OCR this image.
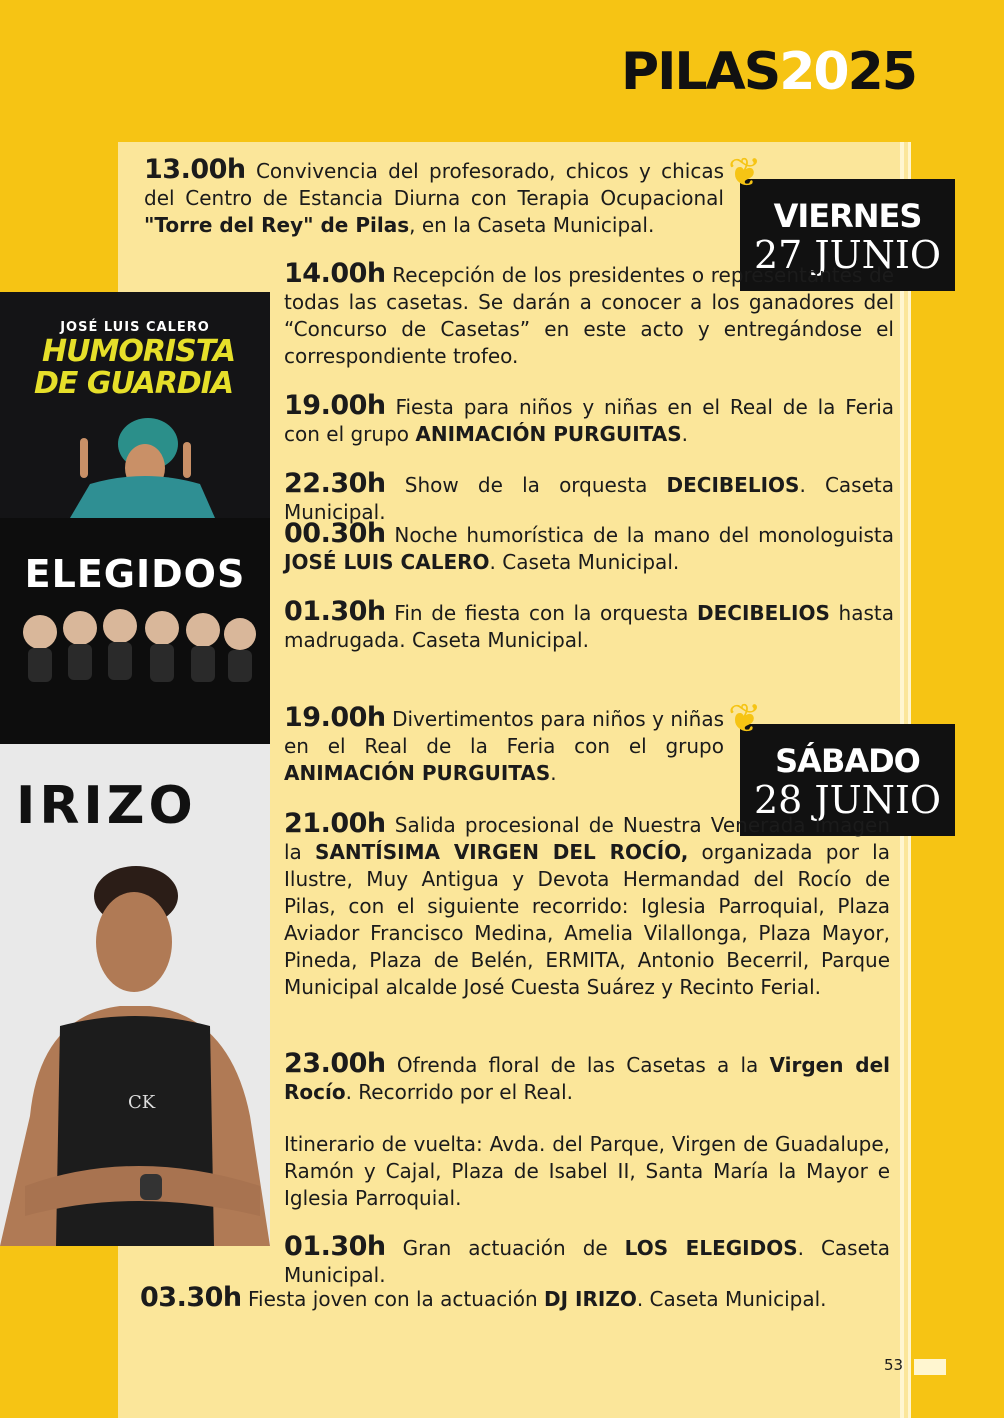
PILAS2025
JOSÉ LUIS CALERO
HUMORISTA
DE GUARDIA
ELEGIDOS
IRIZO
CK
VIERNES
27 JUNIO
❦
SÁBADO
28 JUNIO
❦
13.00h Convivencia del profesorado, chicos y chicas del Centro de Estancia Diurna con Terapia Ocupacional "Torre del Rey" de Pilas, en la Caseta Municipal.
14.00h Recepción de los presidentes o representantes de todas las casetas. Se darán a conocer a los ganadores del “Concurso de Casetas” en este acto y entregándose el correspondiente trofeo.
19.00h Fiesta para niños y niñas en el Real de la Feria con el grupo ANIMACIÓN PURGUITAS.
22.30h Show de la orquesta DECIBELIOS. Caseta Municipal.
00.30h Noche humorística de la mano del monologuista JOSÉ LUIS CALERO. Caseta Municipal.
01.30h Fin de fiesta con la orquesta DECIBELIOS hasta madrugada. Caseta Municipal.
19.00h Divertimentos para niños y niñas en el Real de la Feria con el grupo ANIMACIÓN PURGUITAS.
21.00h Salida procesional de Nuestra Venerada Imagen la SANTÍSIMA VIRGEN DEL ROCÍO, organizada por la Ilustre, Muy Antigua y Devota Hermandad del Rocío de Pilas, con el siguiente recorrido: Iglesia Parroquial, Plaza Aviador Francisco Medina, Amelia Vilallonga, Plaza Mayor, Pineda, Plaza de Belén, ERMITA, Antonio Becerril, Parque Municipal alcalde José Cuesta Suárez y Recinto Ferial.
23.00h Ofrenda floral de las Casetas a la Virgen del Rocío. Recorrido por el Real.
Itinerario de vuelta: Avda. del Parque, Virgen de Guadalupe, Ramón y Cajal, Plaza de Isabel II, Santa María la Mayor e Iglesia Parroquial.
01.30h Gran actuación de LOS ELEGIDOS. Caseta Municipal.
03.30h Fiesta joven con la actuación DJ IRIZO. Caseta Municipal.
53
